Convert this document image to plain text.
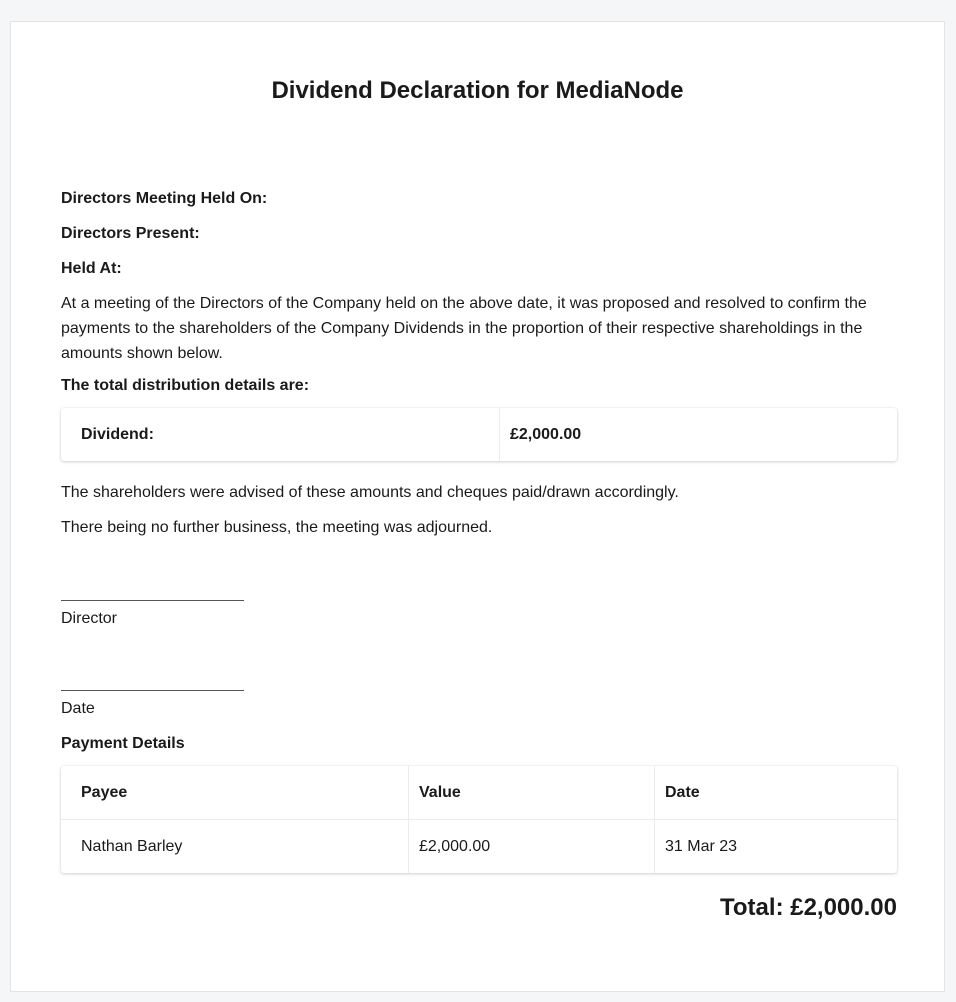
Dividend Declaration for MediaNode
Directors Meeting Held On:
Directors Present:
Held At:

At a meeting of the Directors of the Company held on the above date, it was proposed and resolved to confirm the payments to the shareholders of the Company Dividends in the proportion of their respective shareholdings in the amounts shown below.

The total distribution details are:
Dividend:	£2,000.00
The shareholders were advised of these amounts and cheques paid/drawn accordingly.
There being no further business, the meeting was adjourned.
Director
Date
Payment Details
Payee	Value	Date
Nathan Barley	£2,000.00	31 Mar 23
Total: £2,000.00
